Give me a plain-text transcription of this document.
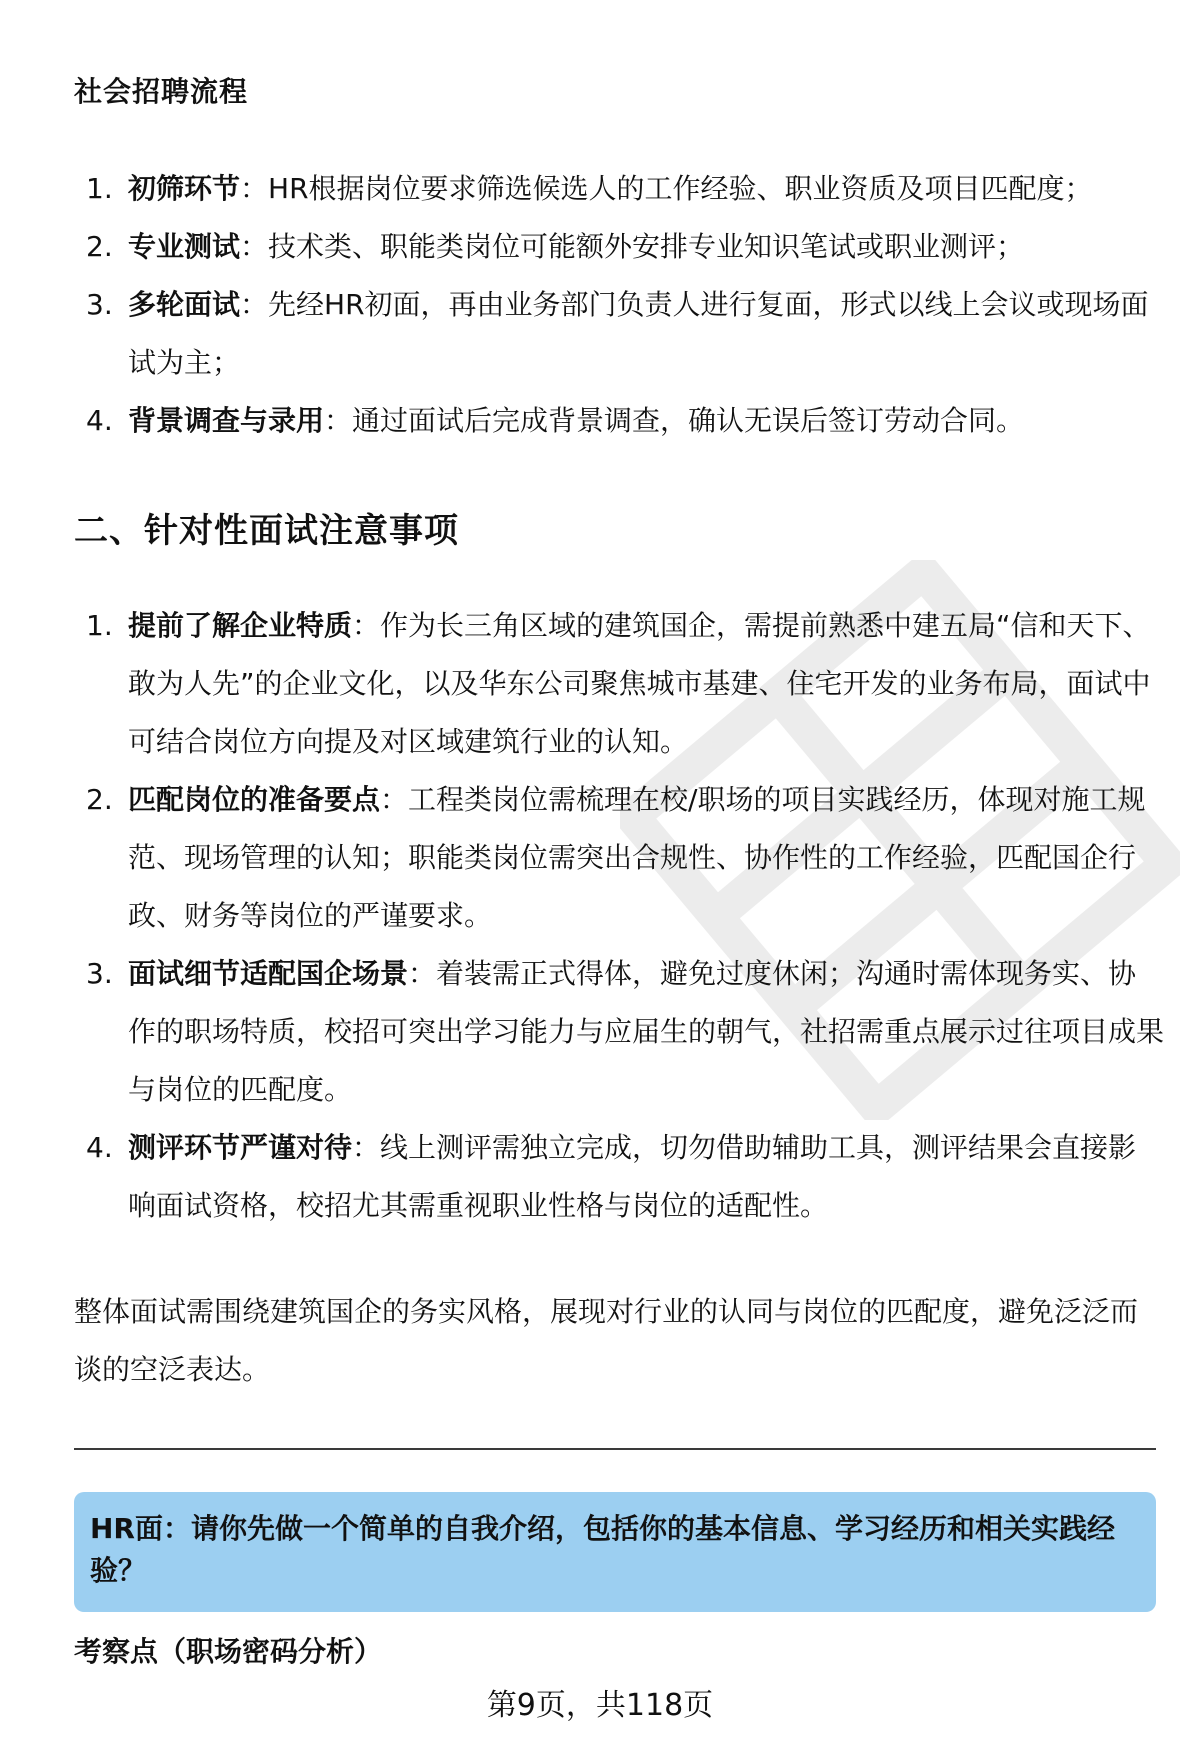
社会招聘流程
1. 初筛环节：HR根据岗位要求筛选候选人的工作经验、职业资质及项目匹配度；
2. 专业测试：技术类、职能类岗位可能额外安排专业知识笔试或职业测评；
3. 多轮面试：先经HR初面，再由业务部门负责人进行复面，形式以线上会议或现场面试为主；
4. 背景调查与录用：通过面试后完成背景调查，确认无误后签订劳动合同。
二、针对性面试注意事项
1. 提前了解企业特质：作为长三角区域的建筑国企，需提前熟悉中建五局“信和天下、敢为人先”的企业文化，以及华东公司聚焦城市基建、住宅开发的业务布局，面试中可结合岗位方向提及对区域建筑行业的认知。
2. 匹配岗位的准备要点：工程类岗位需梳理在校/职场的项目实践经历，体现对施工规范、现场管理的认知；职能类岗位需突出合规性、协作性的工作经验，匹配国企行政、财务等岗位的严谨要求。
3. 面试细节适配国企场景：着装需正式得体，避免过度休闲；沟通时需体现务实、协作的职场特质，校招可突出学习能力与应届生的朝气，社招需重点展示过往项目成果与岗位的匹配度。
4. 测评环节严谨对待：线上测评需独立完成，切勿借助辅助工具，测评结果会直接影响面试资格，校招尤其需重视职业性格与岗位的适配性。

整体面试需围绕建筑国企的务实风格，展现对行业的认同与岗位的匹配度，避免泛泛而谈的空泛表达。

HR面：请你先做一个简单的自我介绍，包括你的基本信息、学习经历和相关实践经验？
考察点（职场密码分析）
第9页，共118页
